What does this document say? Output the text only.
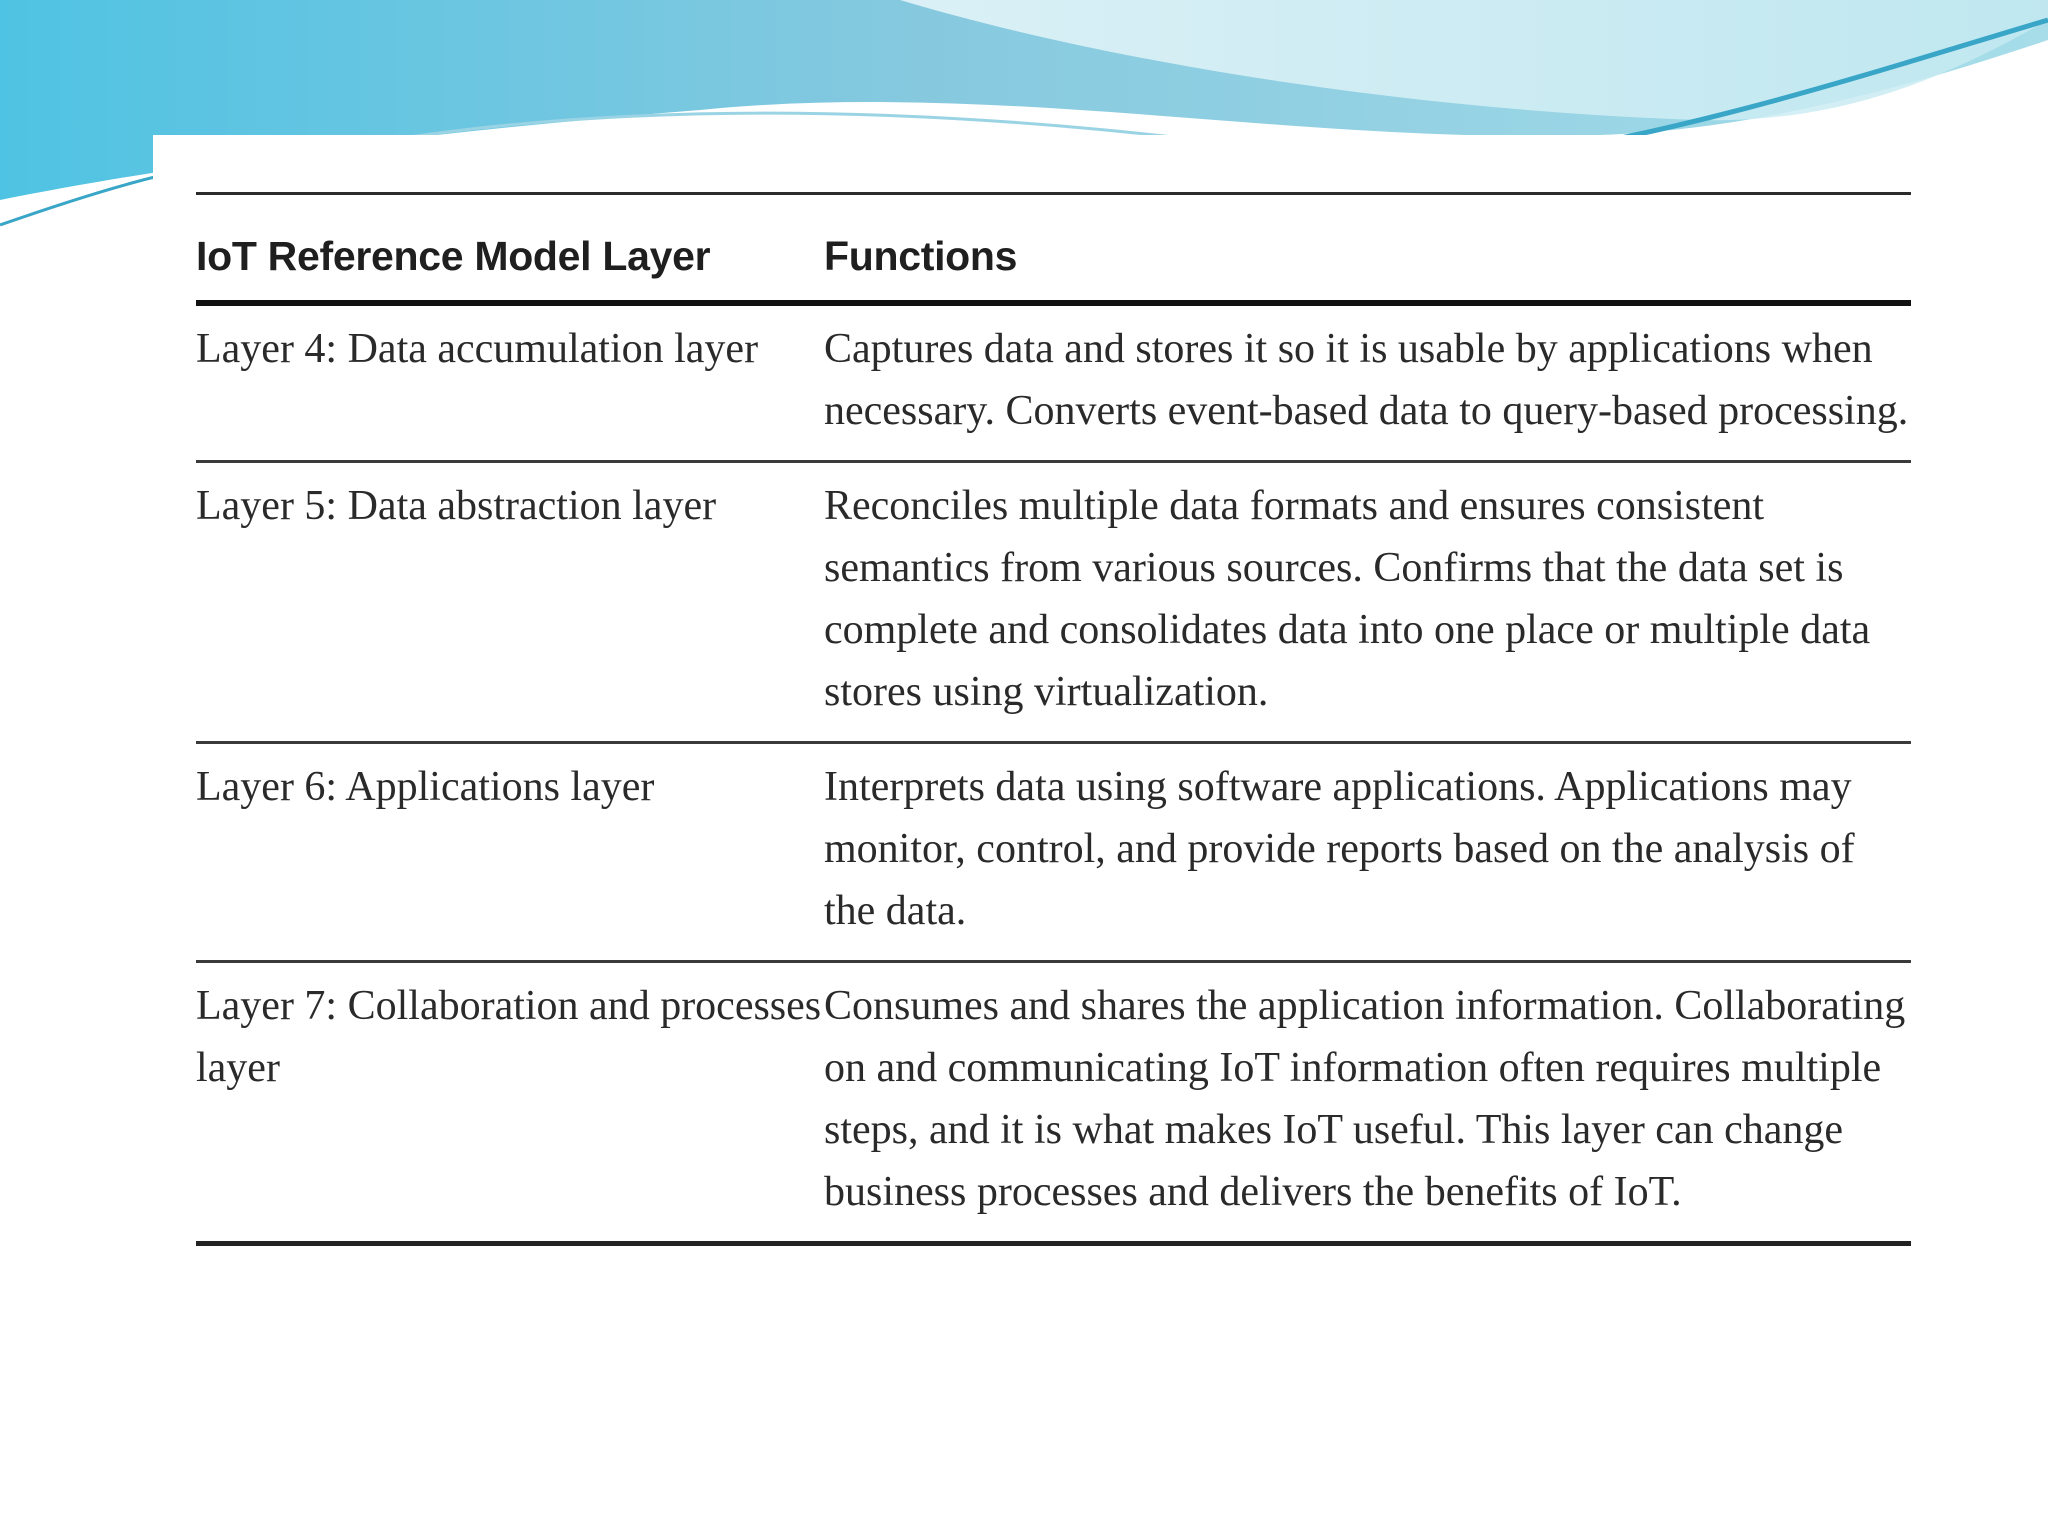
IoT Reference Model Layer	Functions
Layer 4: Data accumulation layer	Captures data and stores it so it is usable by applications when necessary. Converts event-based data to query-based processing.
Layer 5: Data abstraction layer	Reconciles multiple data formats and ensures consistent semantics from various sources. Confirms that the data set is complete and consolidates data into one place or multiple data stores using virtualization.
Layer 6: Applications layer	Interprets data using software applications. Applications may monitor, control, and provide reports based on the analysis of the data.
Layer 7: Collaboration and processes layer	Consumes and shares the application information. Collaborating on and communicating IoT information often requires multiple steps, and it is what makes IoT useful. This layer can change business processes and delivers the benefits of IoT.
